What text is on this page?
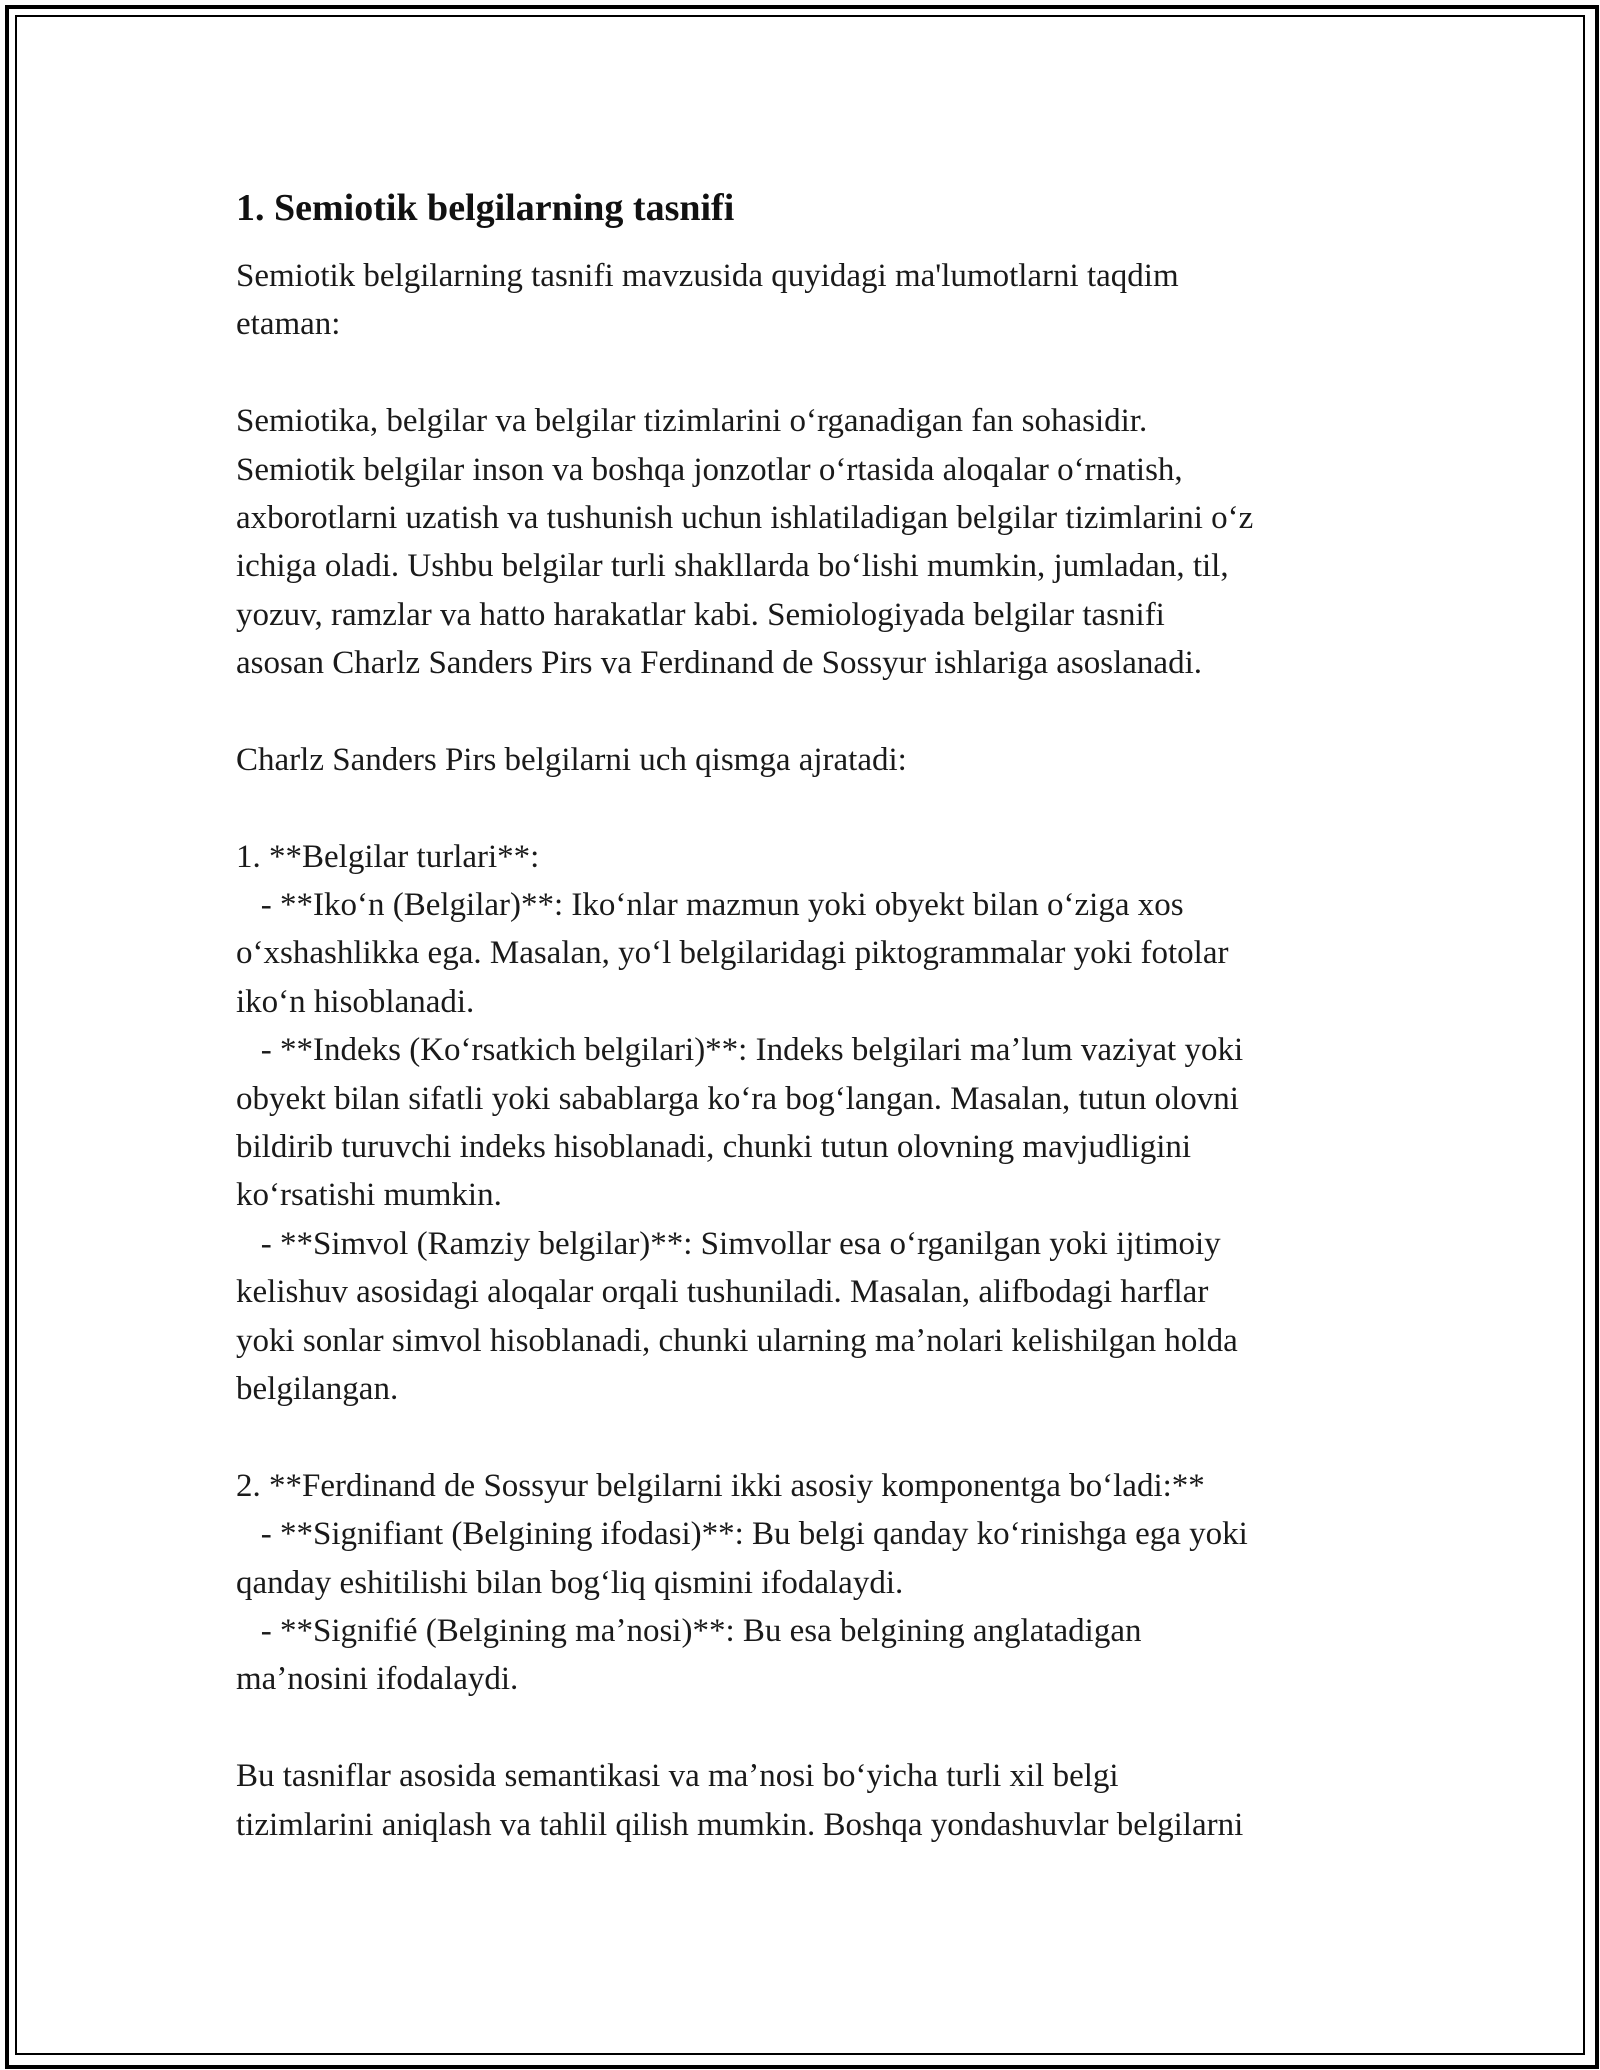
1. Semiotik belgilarning tasnifi
Semiotik belgilarning tasnifi mavzusida quyidagi ma'lumotlarni taqdim
etaman:
Semiotika, belgilar va belgilar tizimlarini oʻrganadigan fan sohasidir.
Semiotik belgilar inson va boshqa jonzotlar oʻrtasida aloqalar oʻrnatish,
axborotlarni uzatish va tushunish uchun ishlatiladigan belgilar tizimlarini oʻz
ichiga oladi. Ushbu belgilar turli shakllarda boʻlishi mumkin, jumladan, til,
yozuv, ramzlar va hatto harakatlar kabi. Semiologiyada belgilar tasnifi
asosan Charlz Sanders Pirs va Ferdinand de Sossyur ishlariga asoslanadi.
Charlz Sanders Pirs belgilarni uch qismga ajratadi:
1. **Belgilar turlari**:
- **Ikoʻn (Belgilar)**: Ikoʻnlar mazmun yoki obyekt bilan oʻziga xos
oʻxshashlikka ega. Masalan, yoʻl belgilaridagi piktogrammalar yoki fotolar
ikoʻn hisoblanadi.
- **Indeks (Koʻrsatkich belgilari)**: Indeks belgilari maʼlum vaziyat yoki
obyekt bilan sifatli yoki sabablarga koʻra bogʻlangan. Masalan, tutun olovni
bildirib turuvchi indeks hisoblanadi, chunki tutun olovning mavjudligini
koʻrsatishi mumkin.
- **Simvol (Ramziy belgilar)**: Simvollar esa oʻrganilgan yoki ijtimoiy
kelishuv asosidagi aloqalar orqali tushuniladi. Masalan, alifbodagi harflar
yoki sonlar simvol hisoblanadi, chunki ularning maʼnolari kelishilgan holda
belgilangan.
2. **Ferdinand de Sossyur belgilarni ikki asosiy komponentga boʻladi:**
- **Signifiant (Belgining ifodasi)**: Bu belgi qanday koʻrinishga ega yoki
qanday eshitilishi bilan bogʻliq qismini ifodalaydi.
- **Signifié (Belgining maʼnosi)**: Bu esa belgining anglatadigan
maʼnosini ifodalaydi.
Bu tasniflar asosida semantikasi va maʼnosi boʻyicha turli xil belgi
tizimlarini aniqlash va tahlil qilish mumkin. Boshqa yondashuvlar belgilarni
